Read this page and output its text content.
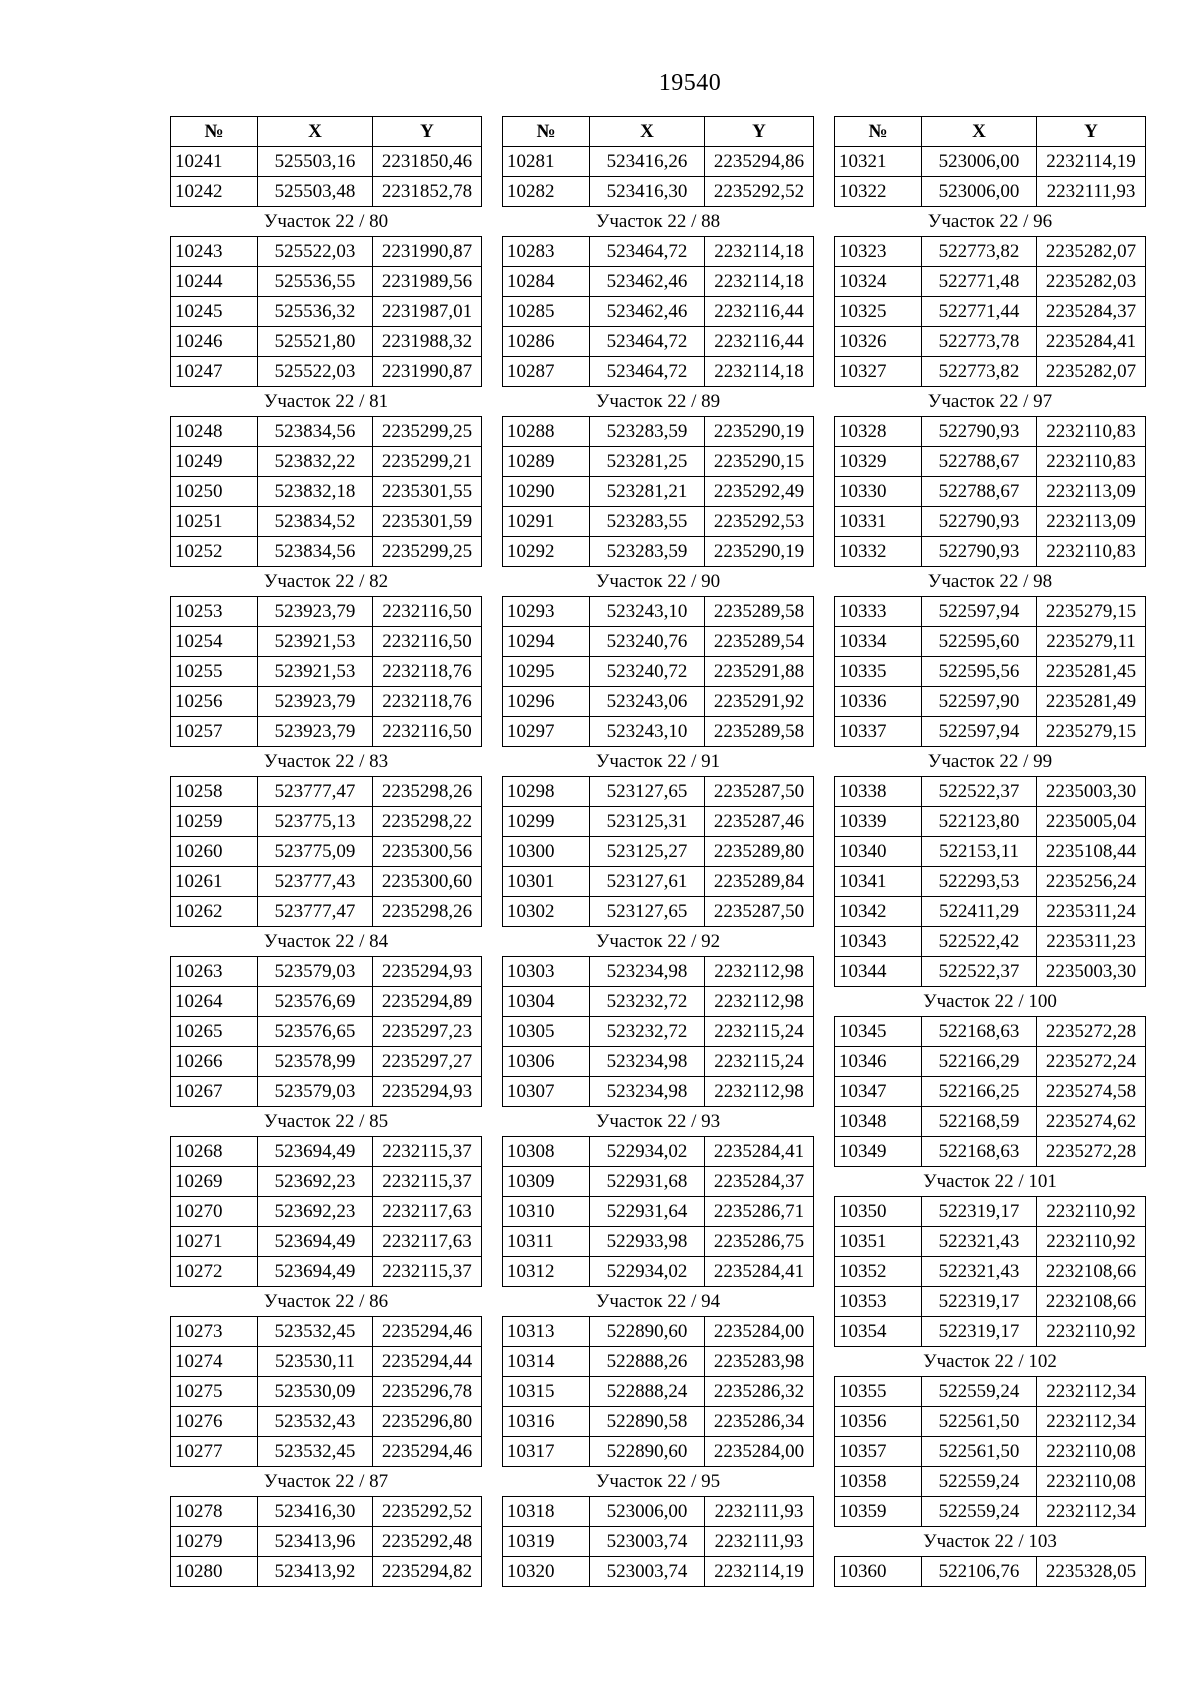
19540
№	X	Y
10241	525503,16	2231850,46
10242	525503,48	2231852,78
Участок 22 / 80		
10243	525522,03	2231990,87
10244	525536,55	2231989,56
10245	525536,32	2231987,01
10246	525521,80	2231988,32
10247	525522,03	2231990,87
Участок 22 / 81		
10248	523834,56	2235299,25
10249	523832,22	2235299,21
10250	523832,18	2235301,55
10251	523834,52	2235301,59
10252	523834,56	2235299,25
Участок 22 / 82		
10253	523923,79	2232116,50
10254	523921,53	2232116,50
10255	523921,53	2232118,76
10256	523923,79	2232118,76
10257	523923,79	2232116,50
Участок 22 / 83		
10258	523777,47	2235298,26
10259	523775,13	2235298,22
10260	523775,09	2235300,56
10261	523777,43	2235300,60
10262	523777,47	2235298,26
Участок 22 / 84		
10263	523579,03	2235294,93
10264	523576,69	2235294,89
10265	523576,65	2235297,23
10266	523578,99	2235297,27
10267	523579,03	2235294,93
Участок 22 / 85		
10268	523694,49	2232115,37
10269	523692,23	2232115,37
10270	523692,23	2232117,63
10271	523694,49	2232117,63
10272	523694,49	2232115,37
Участок 22 / 86		
10273	523532,45	2235294,46
10274	523530,11	2235294,44
10275	523530,09	2235296,78
10276	523532,43	2235296,80
10277	523532,45	2235294,46
Участок 22 / 87		
10278	523416,30	2235292,52
10279	523413,96	2235292,48
10280	523413,92	2235294,82
№	X	Y
10281	523416,26	2235294,86
10282	523416,30	2235292,52
Участок 22 / 88		
10283	523464,72	2232114,18
10284	523462,46	2232114,18
10285	523462,46	2232116,44
10286	523464,72	2232116,44
10287	523464,72	2232114,18
Участок 22 / 89		
10288	523283,59	2235290,19
10289	523281,25	2235290,15
10290	523281,21	2235292,49
10291	523283,55	2235292,53
10292	523283,59	2235290,19
Участок 22 / 90		
10293	523243,10	2235289,58
10294	523240,76	2235289,54
10295	523240,72	2235291,88
10296	523243,06	2235291,92
10297	523243,10	2235289,58
Участок 22 / 91		
10298	523127,65	2235287,50
10299	523125,31	2235287,46
10300	523125,27	2235289,80
10301	523127,61	2235289,84
10302	523127,65	2235287,50
Участок 22 / 92		
10303	523234,98	2232112,98
10304	523232,72	2232112,98
10305	523232,72	2232115,24
10306	523234,98	2232115,24
10307	523234,98	2232112,98
Участок 22 / 93		
10308	522934,02	2235284,41
10309	522931,68	2235284,37
10310	522931,64	2235286,71
10311	522933,98	2235286,75
10312	522934,02	2235284,41
Участок 22 / 94		
10313	522890,60	2235284,00
10314	522888,26	2235283,98
10315	522888,24	2235286,32
10316	522890,58	2235286,34
10317	522890,60	2235284,00
Участок 22 / 95		
10318	523006,00	2232111,93
10319	523003,74	2232111,93
10320	523003,74	2232114,19
№	X	Y
10321	523006,00	2232114,19
10322	523006,00	2232111,93
Участок 22 / 96		
10323	522773,82	2235282,07
10324	522771,48	2235282,03
10325	522771,44	2235284,37
10326	522773,78	2235284,41
10327	522773,82	2235282,07
Участок 22 / 97		
10328	522790,93	2232110,83
10329	522788,67	2232110,83
10330	522788,67	2232113,09
10331	522790,93	2232113,09
10332	522790,93	2232110,83
Участок 22 / 98		
10333	522597,94	2235279,15
10334	522595,60	2235279,11
10335	522595,56	2235281,45
10336	522597,90	2235281,49
10337	522597,94	2235279,15
Участок 22 / 99		
10338	522522,37	2235003,30
10339	522123,80	2235005,04
10340	522153,11	2235108,44
10341	522293,53	2235256,24
10342	522411,29	2235311,24
10343	522522,42	2235311,23
10344	522522,37	2235003,30
Участок 22 / 100		
10345	522168,63	2235272,28
10346	522166,29	2235272,24
10347	522166,25	2235274,58
10348	522168,59	2235274,62
10349	522168,63	2235272,28
Участок 22 / 101		
10350	522319,17	2232110,92
10351	522321,43	2232110,92
10352	522321,43	2232108,66
10353	522319,17	2232108,66
10354	522319,17	2232110,92
Участок 22 / 102		
10355	522559,24	2232112,34
10356	522561,50	2232112,34
10357	522561,50	2232110,08
10358	522559,24	2232110,08
10359	522559,24	2232112,34
Участок 22 / 103		
10360	522106,76	2235328,05
